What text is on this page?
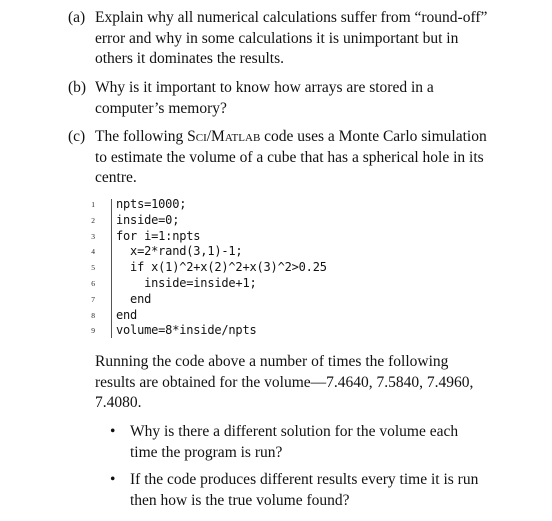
(a) Explain why all numerical calculations suffer from “round-off” error and why in some calculations it is unimportant but in others it dominates the results.
(b) Why is it important to know how arrays are stored in a computer’s memory?
(c) The following Sci/Matlab code uses a Monte Carlo simulation to estimate the volume of a cube that has a spherical hole in its centre.
1 npts=1000;
2 inside=0;
3 for i=1:npts
4 x=2*rand(3,1)-1;
5 if x(1)^2+x(2)^2+x(3)^2>0.25
6 inside=inside+1;
7 end
8 end
9 volume=8*inside/npts
Running the code above a number of times the following results are obtained for the volume—7.4640, 7.5840, 7.4960, 7.4080.
• Why is there a different solution for the volume each time the program is run?
• If the code produces different results every time it is run then how is the true volume found?
